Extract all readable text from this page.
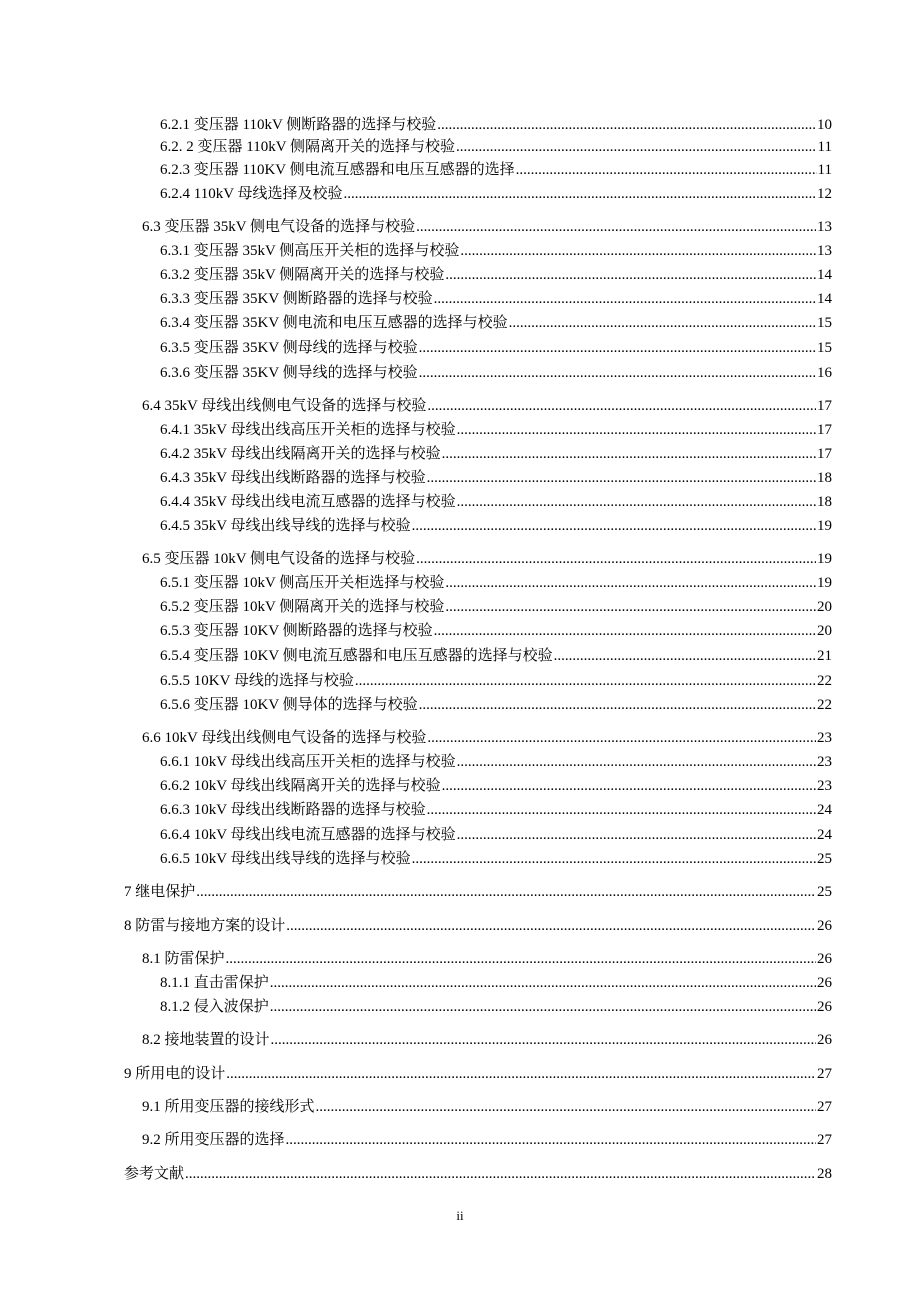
6.2.1 变压器 110kV 侧断路器的选择与校验 .....	10
6.2. 2 变压器 110kV 侧隔离开关的选择与校验 .....	11
6.2.3 变压器 110KV 侧电流互感器和电压互感器的选择 .....	11
6.2.4 110kV 母线选择及校验 .....	12
6.3 变压器 35kV 侧电气设备的选择与校验 .....	13
6.3.1 变压器 35kV 侧高压开关柜的选择与校验 .....	13
6.3.2 变压器 35kV 侧隔离开关的选择与校验 .....	14
6.3.3 变压器 35KV 侧断路器的选择与校验 .....	14
6.3.4 变压器 35KV 侧电流和电压互感器的选择与校验 .....	15
6.3.5 变压器 35KV 侧母线的选择与校验 .....	15
6.3.6 变压器 35KV 侧导线的选择与校验 .....	16
6.4 35kV 母线出线侧电气设备的选择与校验 .....	17
6.4.1 35kV 母线出线高压开关柜的选择与校验 .....	17
6.4.2 35kV 母线出线隔离开关的选择与校验 .....	17
6.4.3 35kV 母线出线断路器的选择与校验 .....	18
6.4.4 35kV 母线出线电流互感器的选择与校验 .....	18
6.4.5 35kV 母线出线导线的选择与校验 .....	19
6.5 变压器 10kV 侧电气设备的选择与校验 .....	19
6.5.1 变压器 10kV 侧高压开关柜选择与校验 .....	19
6.5.2 变压器 10kV 侧隔离开关的选择与校验 .....	20
6.5.3 变压器 10KV 侧断路器的选择与校验 .....	20
6.5.4 变压器 10KV 侧电流互感器和电压互感器的选择与校验 .....	21
6.5.5 10KV 母线的选择与校验 .....	22
6.5.6 变压器 10KV 侧导体的选择与校验 .....	22
6.6 10kV 母线出线侧电气设备的选择与校验 .....	23
6.6.1 10kV 母线出线高压开关柜的选择与校验 .....	23
6.6.2 10kV 母线出线隔离开关的选择与校验 .....	23
6.6.3 10kV 母线出线断路器的选择与校验 .....	24
6.6.4 10kV 母线出线电流互感器的选择与校验 .....	24
6.6.5 10kV 母线出线导线的选择与校验 .....	25
7 继电保护 .....	25
8 防雷与接地方案的设计 .....	26
8.1 防雷保护 .....	26
8.1.1 直击雷保护 .....	26
8.1.2 侵入波保护 .....	26
8.2 接地装置的设计 .....	26
9 所用电的设计 .....	27
9.1 所用变压器的接线形式 .....	27
9.2 所用变压器的选择 .....	27
参考文献 .....	28
ii
